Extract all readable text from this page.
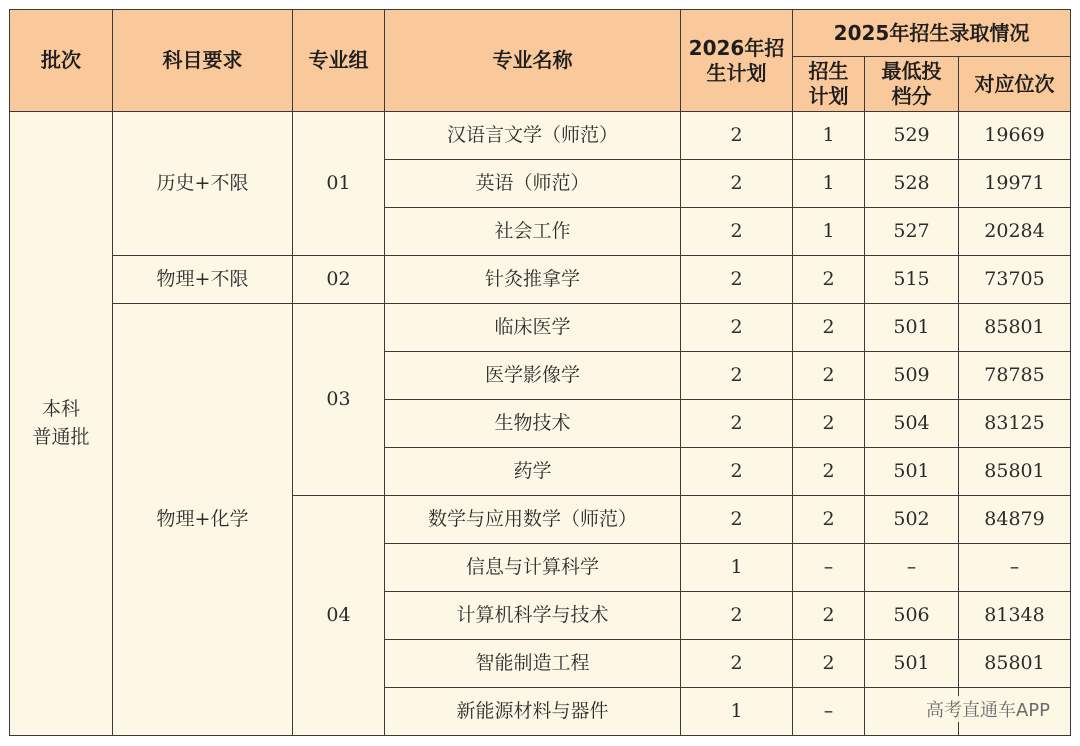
批次	科目要求	专业组	专业名称	2026年招生计划	2025年招生录取情况		

					招生计划	最低投档分	对应位次

本科
普通批	历史+不限	01	汉语言文学（师范）	2	1	529	19669
			英语（师范）	2	1	528	19971
			社会工作	2	1	527	20284
	物理+不限	02	针灸推拿学	2	2	515	73705
	物理+化学	03	临床医学	2	2	501	85801
			医学影像学	2	2	509	78785
			生物技术	2	2	504	83125
			药学	2	2	501	85801
		04	数学与应用数学（师范）	2	2	502	84879
			信息与计算科学	1	–	–	–
			计算机科学与技术	2	2	506	81348
			智能制造工程	2	2	501	85801
			新能源材料与器件	1	–			高考直通车APP
